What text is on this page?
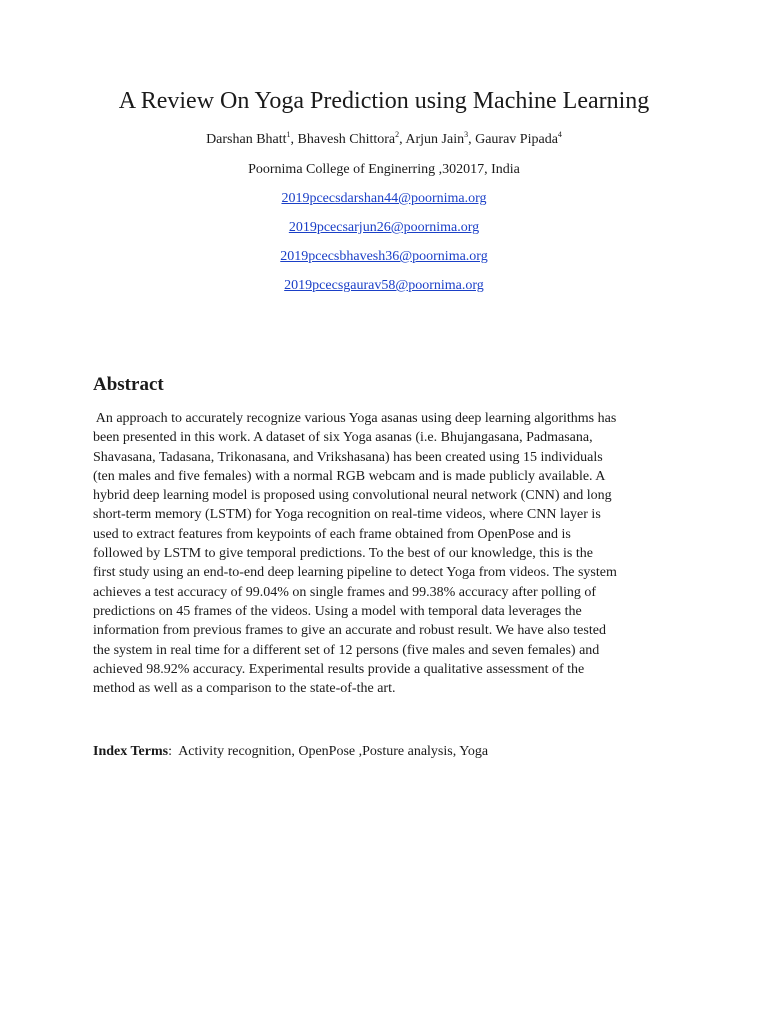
A Review On Yoga Prediction using Machine Learning
Darshan Bhatt$^1$, Bhavesh Chittora$^2$, Arjun Jain$^3$, Gaurav Pipada$^4$
Poornima College of Enginerring ,302017, India
2019pcecsdarshan44@poornima.org
2019pcecsarjun26@poornima.org
2019pcecsbhavesh36@poornima.org
2019pcecsgaurav58@poornima.org
Abstract
An approach to accurately recognize various Yoga asanas using deep learning algorithms has
been presented in this work. A dataset of six Yoga asanas (i.e. Bhujangasana, Padmasana,
Shavasana, Tadasana, Trikonasana, and Vrikshasana) has been created using 15 individuals
(ten males and five females) with a normal RGB webcam and is made publicly available. A
hybrid deep learning model is proposed using convolutional neural network (CNN) and long
short-term memory (LSTM) for Yoga recognition on real-time videos, where CNN layer is
used to extract features from keypoints of each frame obtained from OpenPose and is
followed by LSTM to give temporal predictions. To the best of our knowledge, this is the
first study using an end-to-end deep learning pipeline to detect Yoga from videos. The system
achieves a test accuracy of 99.04% on single frames and 99.38% accuracy after polling of
predictions on 45 frames of the videos. Using a model with temporal data leverages the
information from previous frames to give an accurate and robust result. We have also tested
the system in real time for a different set of 12 persons (five males and seven females) and
achieved 98.92% accuracy. Experimental results provide a qualitative assessment of the
method as well as a comparison to the state-of-the art.
Index Terms:  Activity recognition, OpenPose ,Posture analysis, Yoga
